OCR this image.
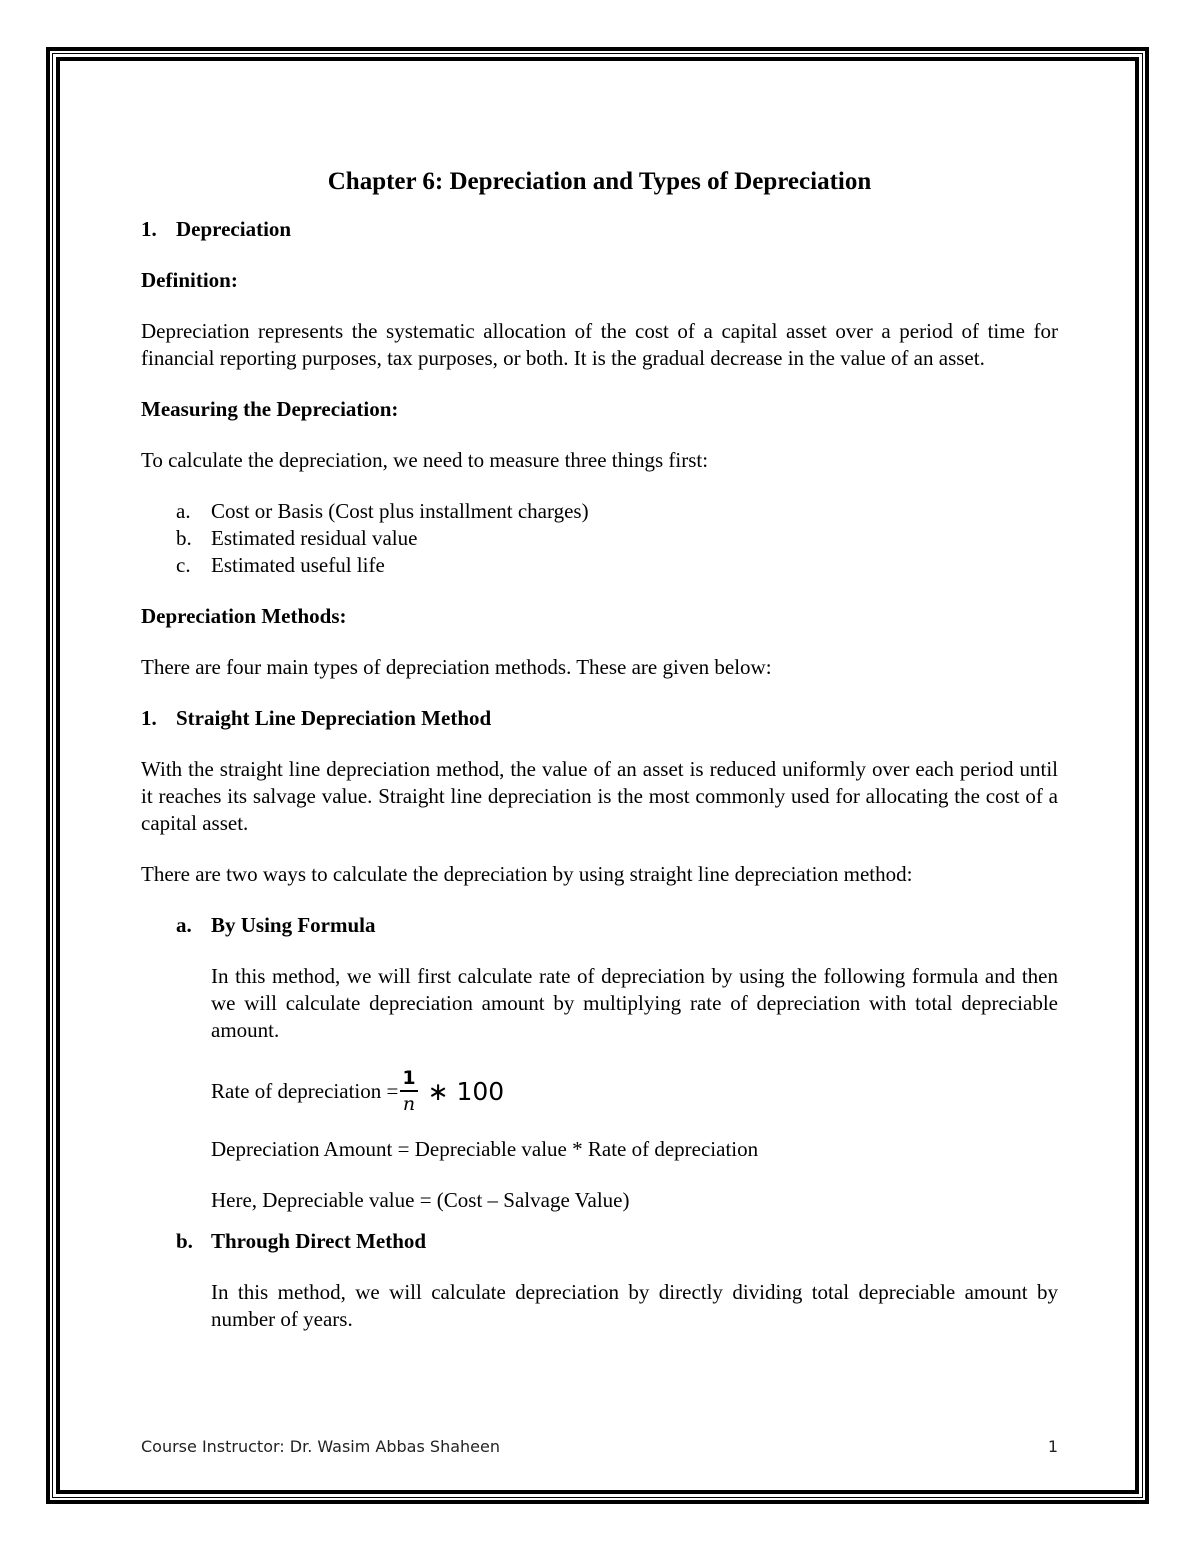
Chapter 6: Depreciation and Types of Depreciation
1. Depreciation

Definition:

Depreciation represents the systematic allocation of the cost of a capital asset over a period of time for financial reporting purposes, tax purposes, or both. It is the gradual decrease in the value of an asset.

Measuring the Depreciation:

To calculate the depreciation, we need to measure three things first:

a. Cost or Basis (Cost plus installment charges)
b. Estimated residual value
c. Estimated useful life

Depreciation Methods:

There are four main types of depreciation methods. These are given below:

1. Straight Line Depreciation Method

With the straight line depreciation method, the value of an asset is reduced uniformly over each period until it reaches its salvage value. Straight line depreciation is the most commonly used for allocating the cost of a capital asset.

There are two ways to calculate the depreciation by using straight line depreciation method:

a. By Using Formula

In this method, we will first calculate rate of depreciation by using the following formula and then we will calculate depreciation amount by multiplying rate of depreciation with total depreciable amount.

Rate of depreciation = $\frac{1}{n}$ ∗ 100

Depreciation Amount = Depreciable value * Rate of depreciation

Here, Depreciable value = (Cost – Salvage Value)

b. Through Direct Method

In this method, we will calculate depreciation by directly dividing total depreciable amount by number of years.

Course Instructor: Dr. Wasim Abbas Shaheen	1
